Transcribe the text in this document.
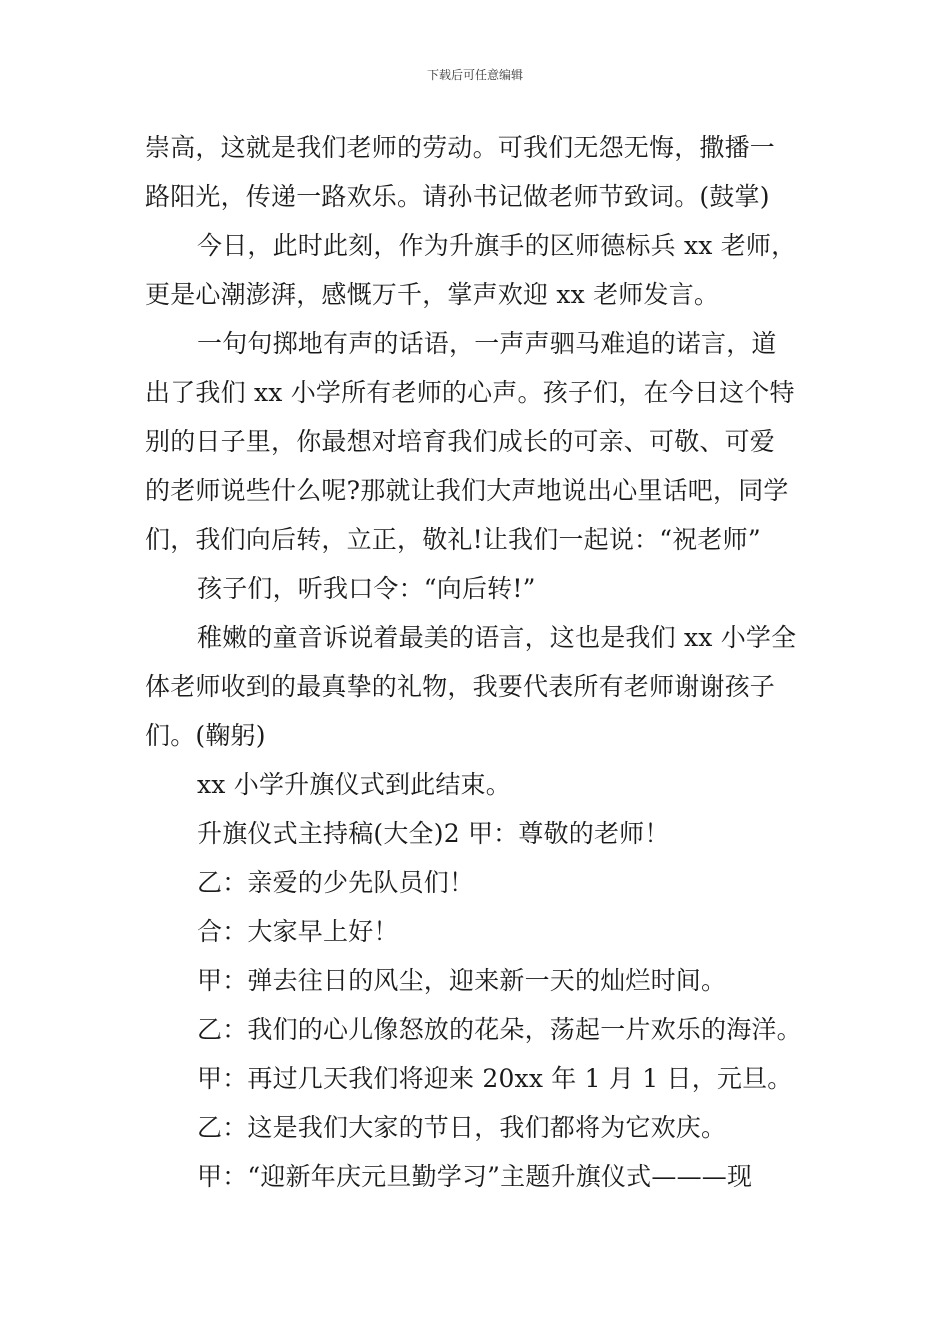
下载后可任意编辑
崇高，这就是我们老师的劳动。可我们无怨无悔，撒播一
路阳光，传递一路欢乐。请孙书记做老师节致词。(鼓掌)
今日，此时此刻，作为升旗手的区师德标兵 xx 老师，
更是心潮澎湃，感慨万千，掌声欢迎 xx 老师发言。
一句句掷地有声的话语，一声声驷马难追的诺言，道
出了我们 xx 小学所有老师的心声。孩子们，在今日这个特
别的日子里，你最想对培育我们成长的可亲、可敬、可爱
的老师说些什么呢?那就让我们大声地说出心里话吧，同学
们，我们向后转，立正，敬礼!让我们一起说：“祝老师”
孩子们，听我口令：“向后转!”
稚嫩的童音诉说着最美的语言，这也是我们 xx 小学全
体老师收到的最真挚的礼物，我要代表所有老师谢谢孩子
们。(鞠躬)
xx 小学升旗仪式到此结束。
升旗仪式主持稿(大全)2 甲：尊敬的老师！
乙：亲爱的少先队员们！
合：大家早上好！
甲：弹去往日的风尘，迎来新一天的灿烂时间。
乙：我们的心儿像怒放的花朵，荡起一片欢乐的海洋。
甲：再过几天我们将迎来 20xx 年 1 月 1 日，元旦。
乙：这是我们大家的节日，我们都将为它欢庆。
甲：“迎新年庆元旦勤学习”主题升旗仪式———现
